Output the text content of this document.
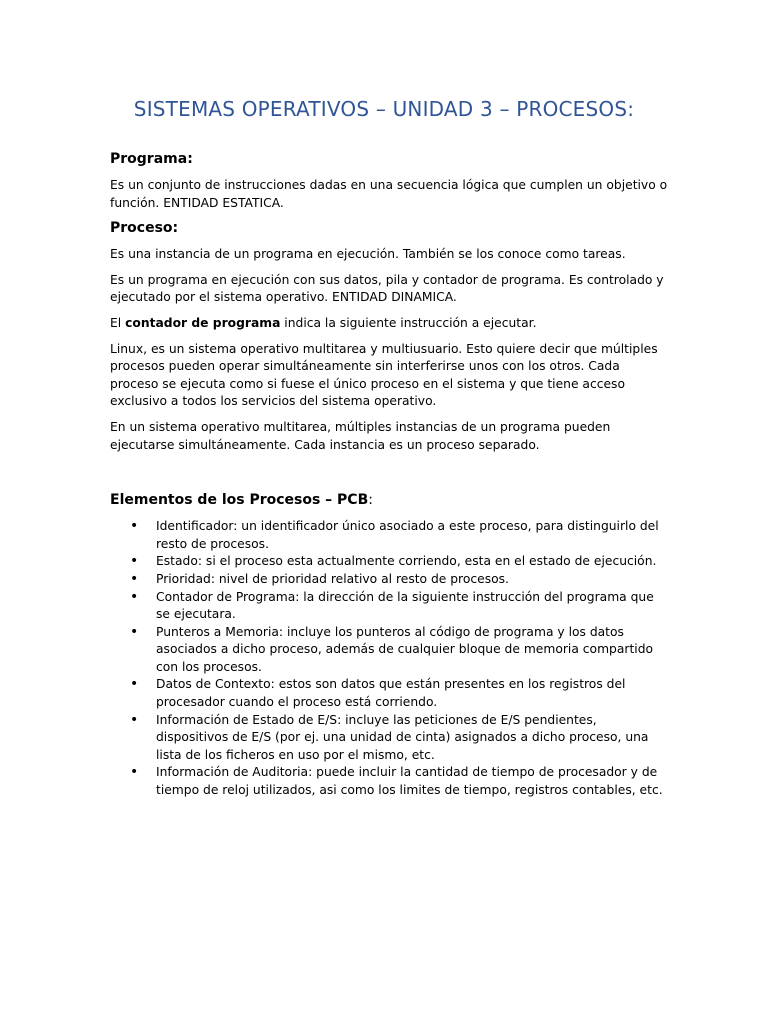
SISTEMAS OPERATIVOS – UNIDAD 3 – PROCESOS:
Programa:

Es un conjunto de instrucciones dadas en una secuencia lógica que cumplen un objetivo o función. ENTIDAD ESTATICA.

Proceso:

Es una instancia de un programa en ejecución. También se los conoce como tareas.

Es un programa en ejecución con sus datos, pila y contador de programa. Es controlado y ejecutado por el sistema operativo. ENTIDAD DINAMICA.

El contador de programa indica la siguiente instrucción a ejecutar.

Linux, es un sistema operativo multitarea y multiusuario. Esto quiere decir que múltiples procesos pueden operar simultáneamente sin interferirse unos con los otros. Cada proceso se ejecuta como si fuese el único proceso en el sistema y que tiene acceso exclusivo a todos los servicios del sistema operativo.

En un sistema operativo multitarea, múltiples instancias de un programa pueden ejecutarse simultáneamente. Cada instancia es un proceso separado.

Elementos de los Procesos – PCB:
• Identificador: un identificador único asociado a este proceso, para distinguirlo del resto de procesos.
• Estado: si el proceso esta actualmente corriendo, esta en el estado de ejecución.
• Prioridad: nivel de prioridad relativo al resto de procesos.
• Contador de Programa: la dirección de la siguiente instrucción del programa que se ejecutara.
• Punteros a Memoria: incluye los punteros al código de programa y los datos asociados a dicho proceso, además de cualquier bloque de memoria compartido con los procesos.
• Datos de Contexto: estos son datos que están presentes en los registros del procesador cuando el proceso está corriendo.
• Información de Estado de E/S: incluye las peticiones de E/S pendientes, dispositivos de E/S (por ej. una unidad de cinta) asignados a dicho proceso, una lista de los ficheros en uso por el mismo, etc.
• Información de Auditoria: puede incluir la cantidad de tiempo de procesador y de tiempo de reloj utilizados, asi como los limites de tiempo, registros contables, etc.
